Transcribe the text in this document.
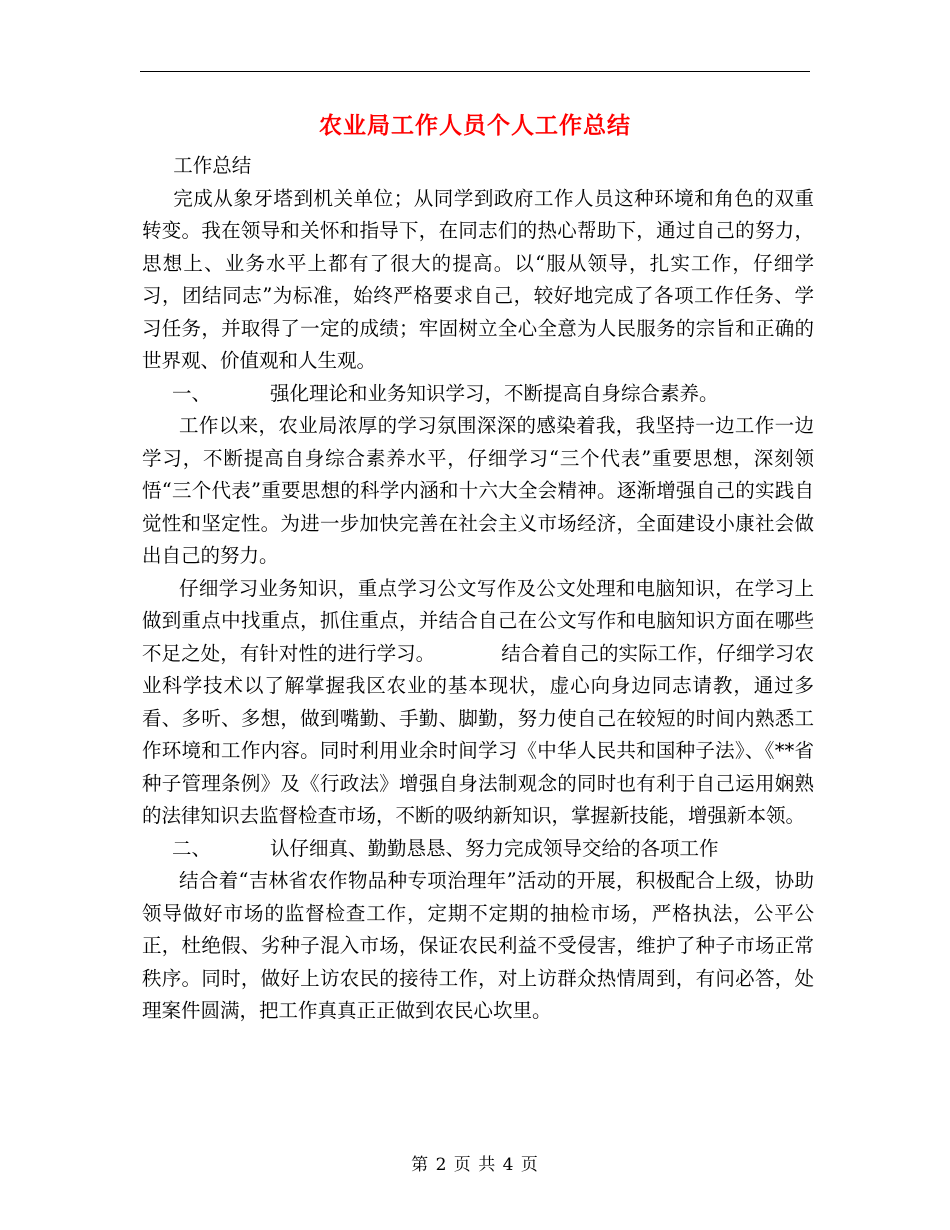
农业局工作人员个人工作总结

工作总结

完成从象牙塔到机关单位；从同学到政府工作人员这种环境和角色的双重转变。我在领导和关怀和指导下，在同志们的热心帮助下，通过自己的努力，思想上、业务水平上都有了很大的提高。以“服从领导，扎实工作，仔细学习，团结同志”为标准，始终严格要求自己，较好地完成了各项工作任务、学习任务，并取得了一定的成绩；牢固树立全心全意为人民服务的宗旨和正确的世界观、价值观和人生观。

一、	强化理论和业务知识学习，不断提高自身综合素养。

工作以来，农业局浓厚的学习氛围深深的感染着我，我坚持一边工作一边学习，不断提高自身综合素养水平，仔细学习“三个代表”重要思想，深刻领悟“三个代表”重要思想的科学内涵和十六大全会精神。逐渐增强自己的实践自觉性和坚定性。为进一步加快完善在社会主义市场经济，全面建设小康社会做出自己的努力。

仔细学习业务知识，重点学习公文写作及公文处理和电脑知识，在学习上做到重点中找重点，抓住重点，并结合自己在公文写作和电脑知识方面在哪些不足之处，有针对性的进行学习。	结合着自己的实际工作，仔细学习农业科学技术以了解掌握我区农业的基本现状，虚心向身边同志请教，通过多看、多听、多想，做到嘴勤、手勤、脚勤，努力使自己在较短的时间内熟悉工作环境和工作内容。同时利用业余时间学习《中华人民共和国种子法》、《**省种子管理条例》及《行政法》增强自身法制观念的同时也有利于自己运用娴熟的法律知识去监督检查市场，不断的吸纳新知识，掌握新技能，增强新本领。

二、	认仔细真、勤勤恳恳、努力完成领导交给的各项工作

结合着“吉林省农作物品种专项治理年”活动的开展，积极配合上级，协助领导做好市场的监督检查工作，定期不定期的抽检市场，严格执法，公平公正，杜绝假、劣种子混入市场，保证农民利益不受侵害，维护了种子市场正常秩序。同时，做好上访农民的接待工作，对上访群众热情周到，有问必答，处理案件圆满，把工作真真正正做到农民心坎里。

第 2 页 共 4 页
